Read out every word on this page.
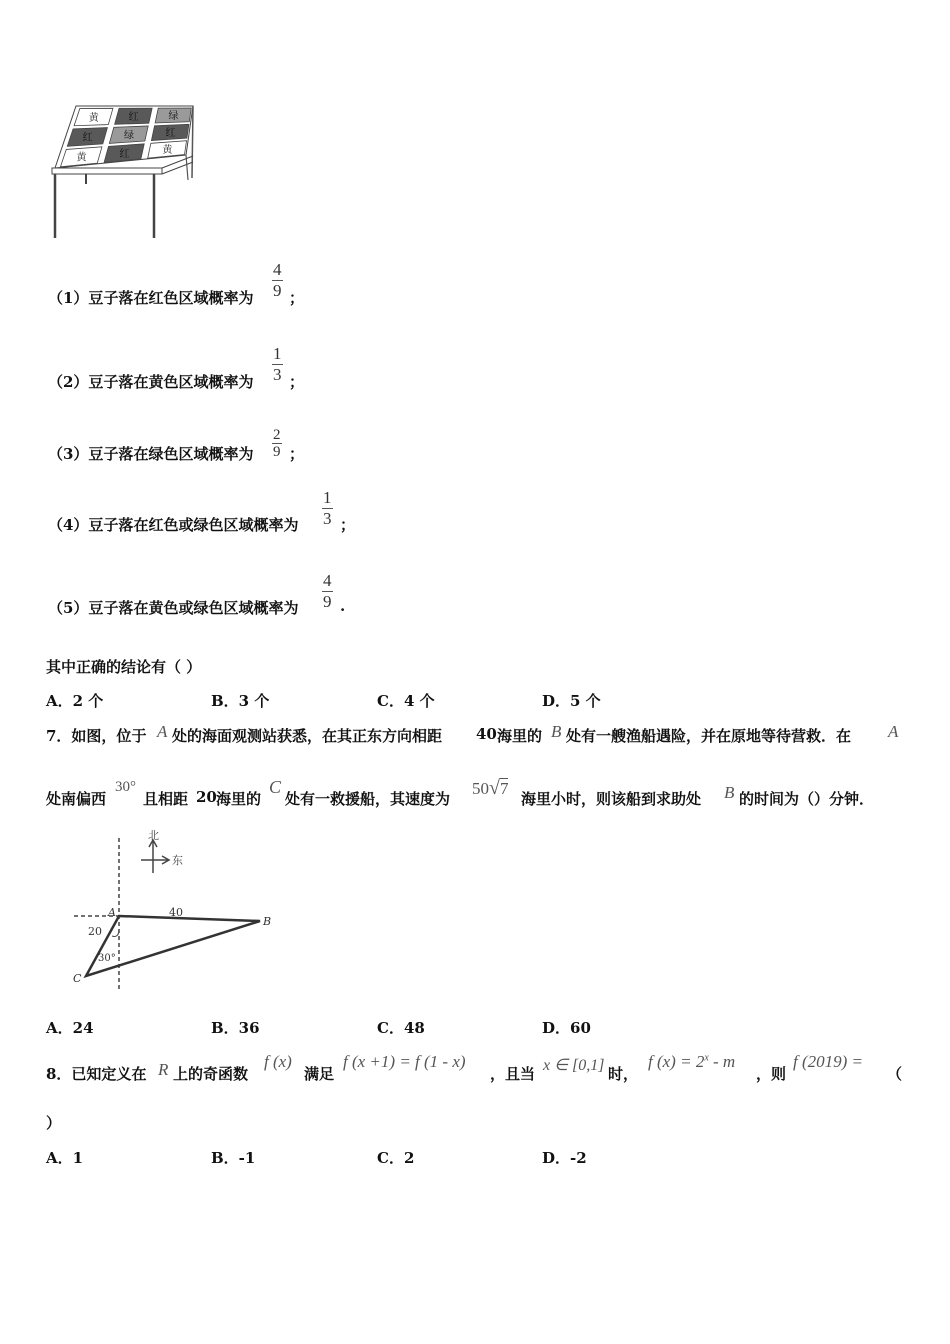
黄	红	绿
红	绿	红
黄	红	黄
（1）豆子落在红色区域概率为 $\frac{4}{9}$ ；
（2）豆子落在黄色区域概率为 $\frac{1}{3}$ ；
（3）豆子落在绿色区域概率为 $\frac{2}{9}$ ；
（4）豆子落在红色或绿色区域概率为 $\frac{1}{3}$ ；
（5）豆子落在黄色或绿色区域概率为 $\frac{4}{9}$ .
其中正确的结论有（ ）
A．2 个	B．3 个	C．4 个	D．5 个
7．如图，位于 A 处的海面观测站获悉，在其正东方向相距 40 海里的 B 处有一艘渔船遇险，并在原地等待营救．在 A
处南偏西
30°
且相距 20 海里的
C
处有一救援船，其速度为
50√7
海里小时，则该船到求助处 B 的时间为（）分钟．
北
东
40
20
30°
A
B
C
A．24	B．36	C．48	D．60
8．已知定义在 R 上的奇函数
f (x)
满足
f (x +1) = f (1 - x)
，且当 x ∈ [0,1] 时，
f $(x) = 2^x - m$
，则
f (2019) =
（
）
A．1	B．-1	C．2	D．-2
